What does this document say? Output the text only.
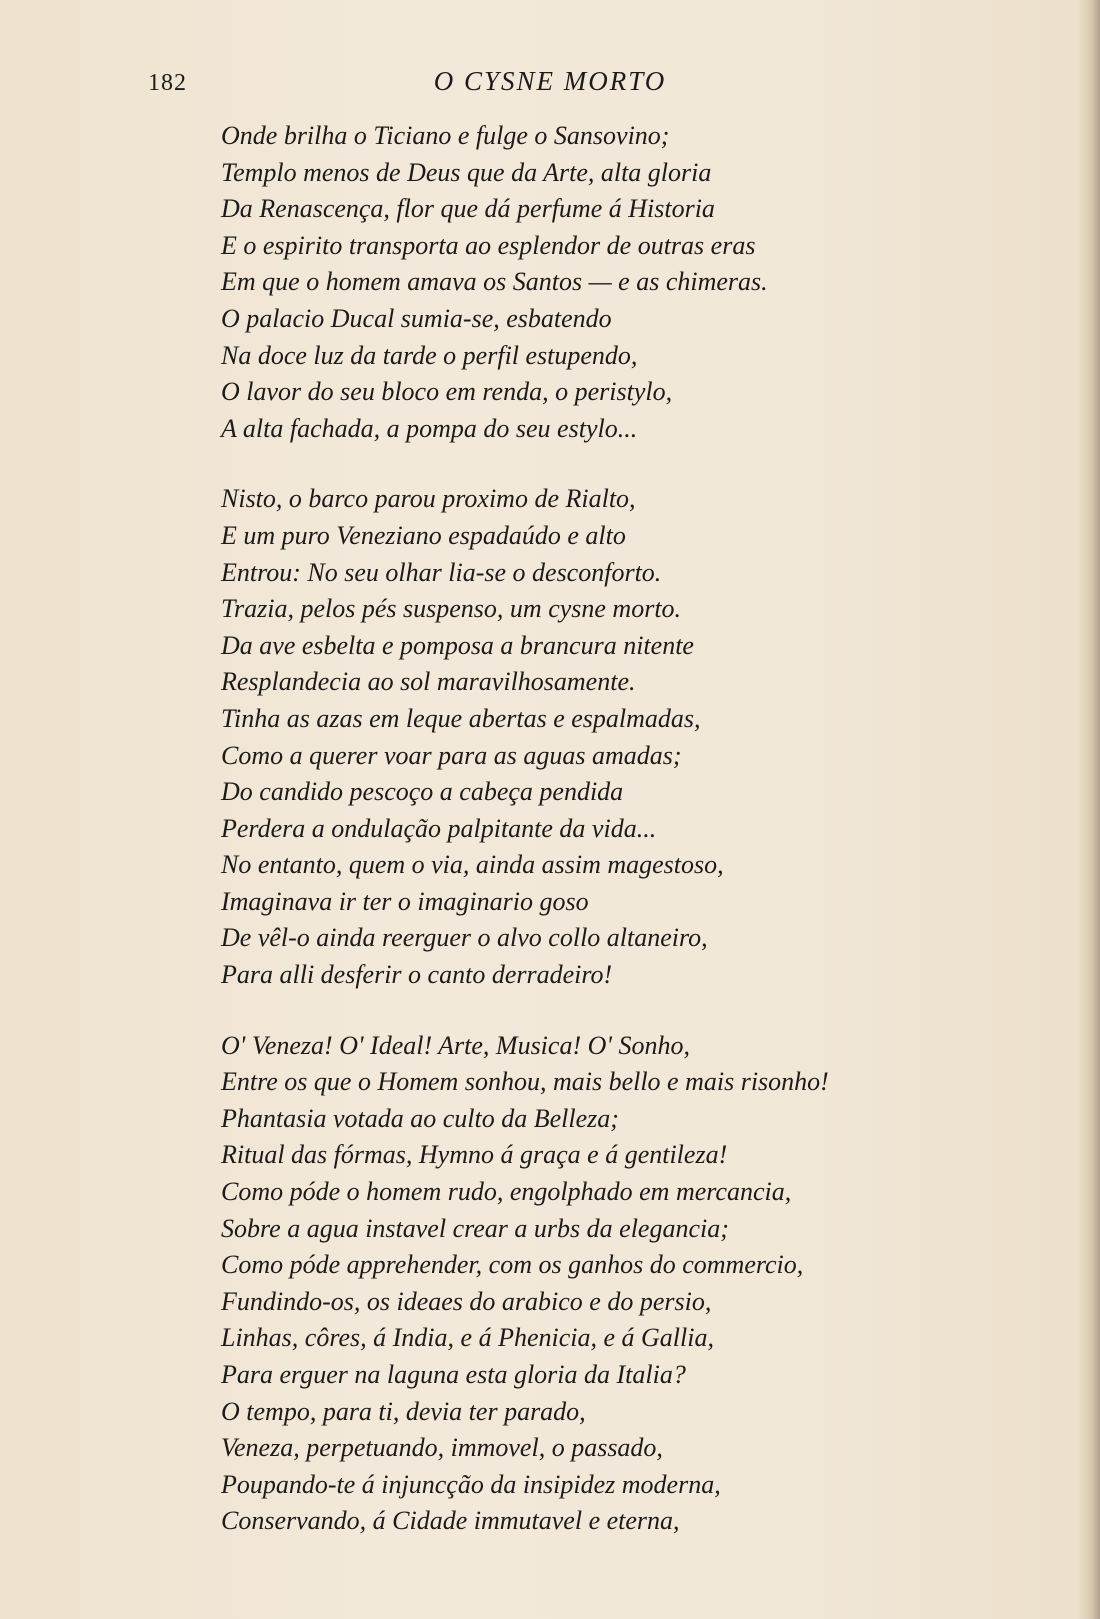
182	O CYSNE MORTO
Onde brilha o Ticiano e fulge o Sansovino;
Templo menos de Deus que da Arte, alta gloria
Da Renascença, flor que dá perfume á Historia
E o espirito transporta ao esplendor de outras eras
Em que o homem amava os Santos — e as chimeras.
O palacio Ducal sumia-se, esbatendo
Na doce luz da tarde o perfil estupendo,
O lavor do seu bloco em renda, o peristylo,
A alta fachada, a pompa do seu estylo...
Nisto, o barco parou proximo de Rialto,
E um puro Veneziano espadaúdo e alto
Entrou: No seu olhar lia-se o desconforto.
Trazia, pelos pés suspenso, um cysne morto.
Da ave esbelta e pomposa a brancura nitente
Resplandecia ao sol maravilhosamente.
Tinha as azas em leque abertas e espalmadas,
Como a querer voar para as aguas amadas;
Do candido pescoço a cabeça pendida
Perdera a ondulação palpitante da vida...
No entanto, quem o via, ainda assim magestoso,
Imaginava ir ter o imaginario goso
De vêl-o ainda reerguer o alvo collo altaneiro,
Para alli desferir o canto derradeiro!
O' Veneza! O' Ideal! Arte, Musica! O' Sonho,
Entre os que o Homem sonhou, mais bello e mais risonho!
Phantasia votada ao culto da Belleza;
Ritual das fórmas, Hymno á graça e á gentileza!
Como póde o homem rudo, engolphado em mercancia,
Sobre a agua instavel crear a urbs da elegancia;
Como póde apprehender, com os ganhos do commercio,
Fundindo-os, os ideaes do arabico e do persio,
Linhas, côres, á India, e á Phenicia, e á Gallia,
Para erguer na laguna esta gloria da Italia?
O tempo, para ti, devia ter parado,
Veneza, perpetuando, immovel, o passado,
Poupando-te á injuncção da insipidez moderna,
Conservando, á Cidade immutavel e eterna,
